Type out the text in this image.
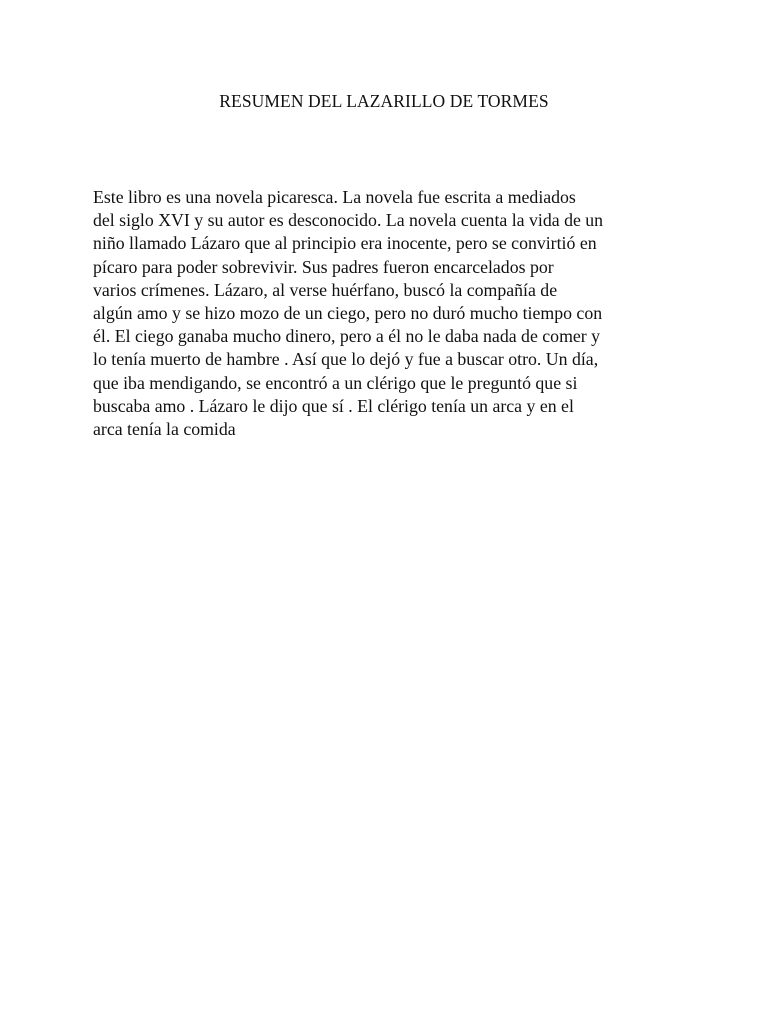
RESUMEN DEL LAZARILLO DE TORMES
Este libro es una novela picaresca. La novela fue escrita a mediados
del siglo XVI y su autor es desconocido. La novela cuenta la vida de un
niño llamado Lázaro que al principio era inocente, pero se convirtió en
pícaro para poder sobrevivir. Sus padres fueron encarcelados por
varios crímenes. Lázaro, al verse huérfano, buscó la compañía de
algún amo y se hizo mozo de un ciego, pero no duró mucho tiempo con
él. El ciego ganaba mucho dinero, pero a él no le daba nada de comer y
lo tenía muerto de hambre . Así que lo dejó y fue a buscar otro. Un día,
que iba mendigando, se encontró a un clérigo que le preguntó que si
buscaba amo . Lázaro le dijo que sí . El clérigo tenía un arca y en el
arca tenía la comida
